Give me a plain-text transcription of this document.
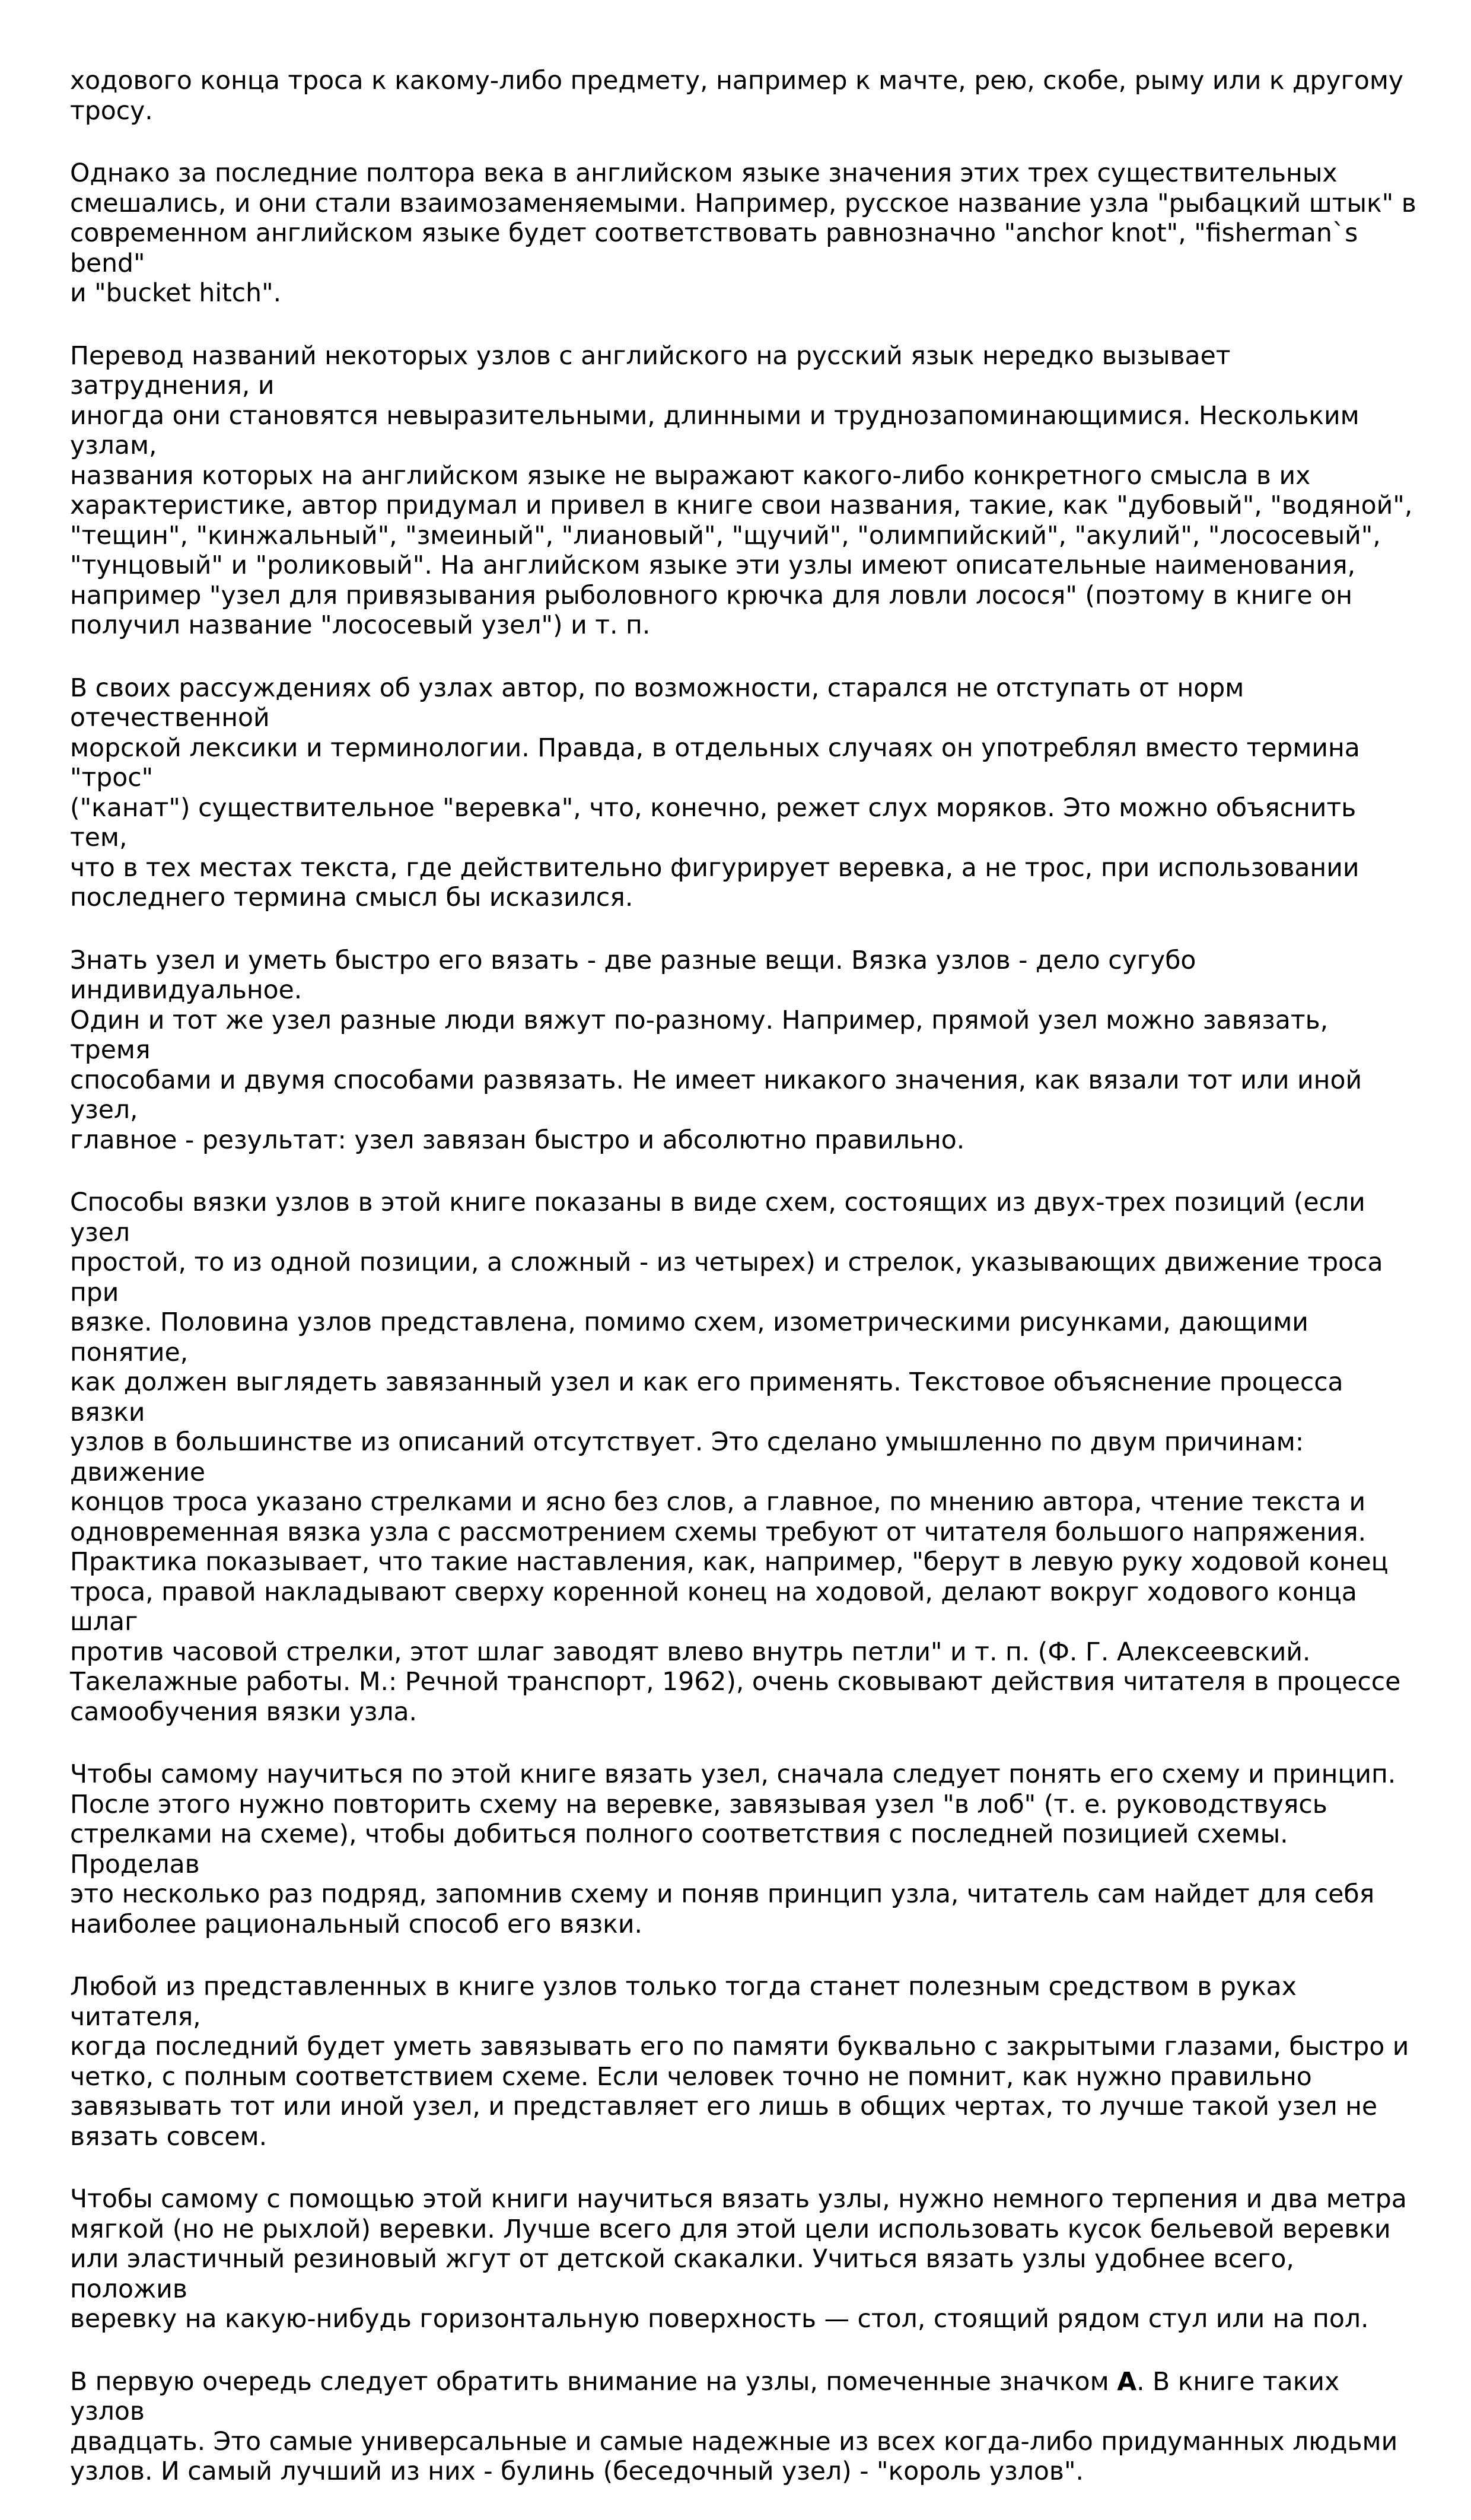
ходового конца троса к какому-либо предмету, например к мачте, рею, скобе, рыму или к другому
тросу.

Однако за последние полтора века в английском языке значения этих трех существительных
смешались, и они стали взаимозаменяемыми. Например, русское название узла "рыбацкий штык" в
современном английском языке будет соответствовать равнозначно "anchor knot", "fisherman`s bend"
и "bucket hitch".

Перевод названий некоторых узлов с английского на русский язык нередко вызывает затруднения, и
иногда они становятся невыразительными, длинными и труднозапоминающимися. Нескольким узлам,
названия которых на английском языке не выражают какого-либо конкретного смысла в их
характеристике, автор придумал и привел в книге свои названия, такие, как "дубовый", "водяной",
"тещин", "кинжальный", "змеиный", "лиановый", "щучий", "олимпийский", "акулий", "лососевый",
"тунцовый" и "роликовый". На английском языке эти узлы имеют описательные наименования,
например "узел для привязывания рыболовного крючка для ловли лосося" (поэтому в книге он
получил название "лососевый узел") и т. п.

В своих рассуждениях об узлах автор, по возможности, старался не отступать от норм отечественной
морской лексики и терминологии. Правда, в отдельных случаях он употреблял вместо термина "трос"
("канат") существительное "веревка", что, конечно, режет слух моряков. Это можно объяснить тем,
что в тех местах текста, где действительно фигурирует веревка, а не трос, при использовании
последнего термина смысл бы исказился.

Знать узел и уметь быстро его вязать - две разные вещи. Вязка узлов - дело сугубо индивидуальное.
Один и тот же узел разные люди вяжут по-разному. Например, прямой узел можно завязать, тремя
способами и двумя способами развязать. Не имеет никакого значения, как вязали тот или иной узел,
главное - результат: узел завязан быстро и абсолютно правильно.

Способы вязки узлов в этой книге показаны в виде схем, состоящих из двух-трех позиций (если узел
простой, то из одной позиции, а сложный - из четырех) и стрелок, указывающих движение троса при
вязке. Половина узлов представлена, помимо схем, изометрическими рисунками, дающими понятие,
как должен выглядеть завязанный узел и как его применять. Текстовое объяснение процесса вязки
узлов в большинстве из описаний отсутствует. Это сделано умышленно по двум причинам: движение
концов троса указано стрелками и ясно без слов, а главное, по мнению автора, чтение текста и
одновременная вязка узла с рассмотрением схемы требуют от читателя большого напряжения.
Практика показывает, что такие наставления, как, например, "берут в левую руку ходовой конец
троса, правой накладывают сверху коренной конец на ходовой, делают вокруг ходового конца шлаг
против часовой стрелки, этот шлаг заводят влево внутрь петли" и т. п. (Ф. Г. Алексеевский.
Такелажные работы. М.: Речной транспорт, 1962), очень сковывают действия читателя в процессе
самообучения вязки узла.

Чтобы самому научиться по этой книге вязать узел, сначала следует понять его схему и принцип.
После этого нужно повторить схему на веревке, завязывая узел "в лоб" (т. е. руководствуясь
стрелками на схеме), чтобы добиться полного соответствия с последней позицией схемы. Проделав
это несколько раз подряд, запомнив схему и поняв принцип узла, читатель сам найдет для себя
наиболее рациональный способ его вязки.

Любой из представленных в книге узлов только тогда станет полезным средством в руках читателя,
когда последний будет уметь завязывать его по памяти буквально с закрытыми глазами, быстро и
четко, с полным соответствием схеме. Если человек точно не помнит, как нужно правильно
завязывать тот или иной узел, и представляет его лишь в общих чертах, то лучше такой узел не
вязать совсем.

Чтобы самому с помощью этой книги научиться вязать узлы, нужно немного терпения и два метра
мягкой (но не рыхлой) веревки. Лучше всего для этой цели использовать кусок бельевой веревки
или эластичный резиновый жгут от детской скакалки. Учиться вязать узлы удобнее всего, положив
веревку на какую-нибудь горизонтальную поверхность — стол, стоящий рядом стул или на пол.

В первую очередь следует обратить внимание на узлы, помеченные значком A. В книге таких узлов
двадцать. Это самые универсальные и самые надежные из всех когда-либо придуманных людьми
узлов. И самый лучший из них - булинь (беседочный узел) - "король узлов".
